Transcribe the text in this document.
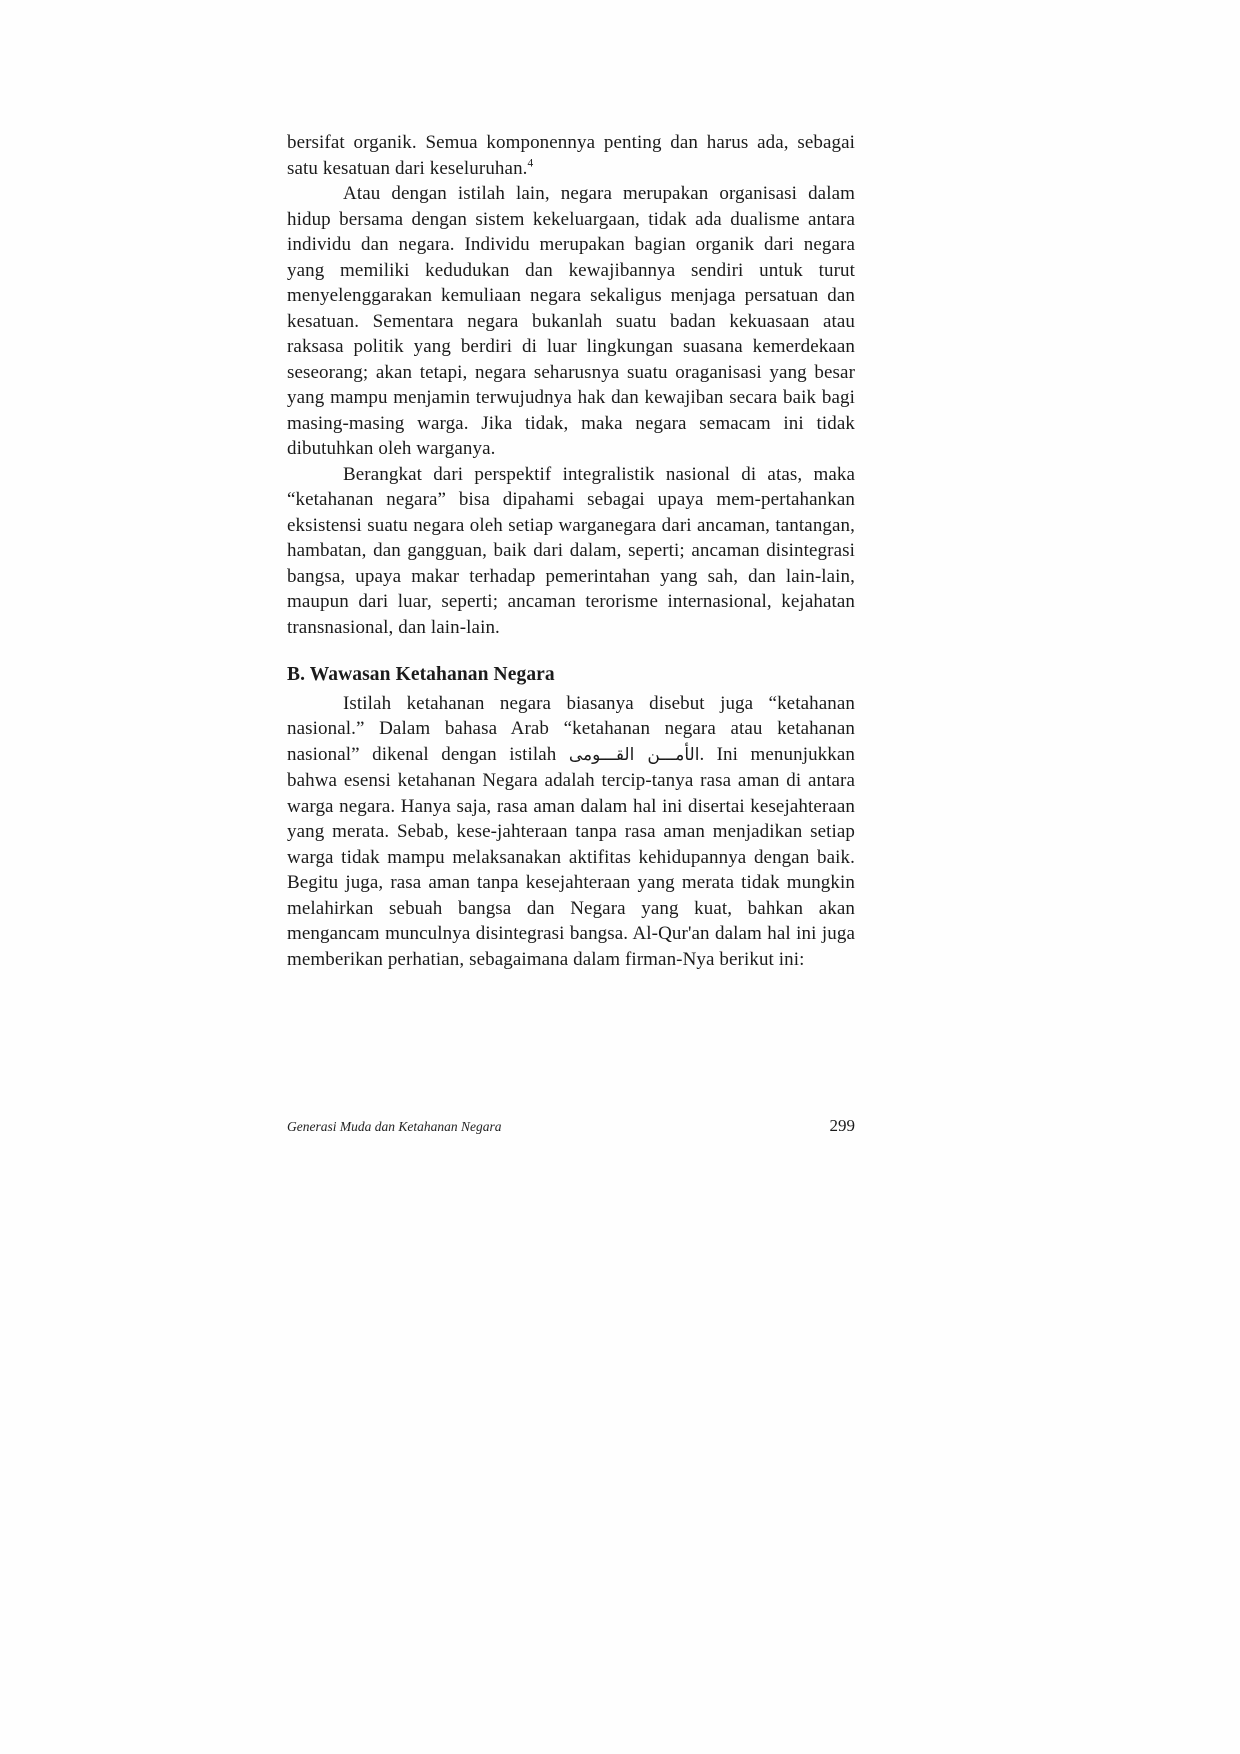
bersifat organik. Semua komponennya penting dan harus ada, sebagai satu kesatuan dari keseluruhan.$^4$

Atau dengan istilah lain, negara merupakan organisasi dalam hidup bersama dengan sistem kekeluargaan, tidak ada dualisme antara individu dan negara. Individu merupakan bagian organik dari negara yang memiliki kedudukan dan kewajibannya sendiri untuk turut menyelenggarakan kemuliaan negara sekaligus menjaga persatuan dan kesatuan. Sementara negara bukanlah suatu badan kekuasaan atau raksasa politik yang berdiri di luar lingkungan suasana kemerdekaan seseorang; akan tetapi, negara seharusnya suatu oraganisasi yang besar yang mampu menjamin terwujudnya hak dan kewajiban secara baik bagi masing-masing warga. Jika tidak, maka negara semacam ini tidak dibutuhkan oleh warganya.

Berangkat dari perspektif integralistik nasional di atas, maka “ketahanan negara” bisa dipahami sebagai upaya mem-pertahankan eksistensi suatu negara oleh setiap warganegara dari ancaman, tantangan, hambatan, dan gangguan, baik dari dalam, seperti; ancaman disintegrasi bangsa, upaya makar terhadap pemerintahan yang sah, dan lain-lain, maupun dari luar, seperti; ancaman terorisme internasional, kejahatan transnasional, dan lain-lain.

B. Wawasan Ketahanan Negara

Istilah ketahanan negara biasanya disebut juga “ketahanan nasional.” Dalam bahasa Arab “ketahanan negara atau ketahanan nasional” dikenal dengan istilah الأمـــن القـــومى. Ini menunjukkan bahwa esensi ketahanan Negara adalah tercip-tanya rasa aman di antara warga negara. Hanya saja, rasa aman dalam hal ini disertai kesejahteraan yang merata. Sebab, kese-jahteraan tanpa rasa aman menjadikan setiap warga tidak mampu melaksanakan aktifitas kehidupannya dengan baik. Begitu juga, rasa aman tanpa kesejahteraan yang merata tidak mungkin melahirkan sebuah bangsa dan Negara yang kuat, bahkan akan mengancam munculnya disintegrasi bangsa. Al-Qur'an dalam hal ini juga memberikan perhatian, sebagaimana dalam firman-Nya berikut ini:

Generasi Muda dan Ketahanan Negara	299
